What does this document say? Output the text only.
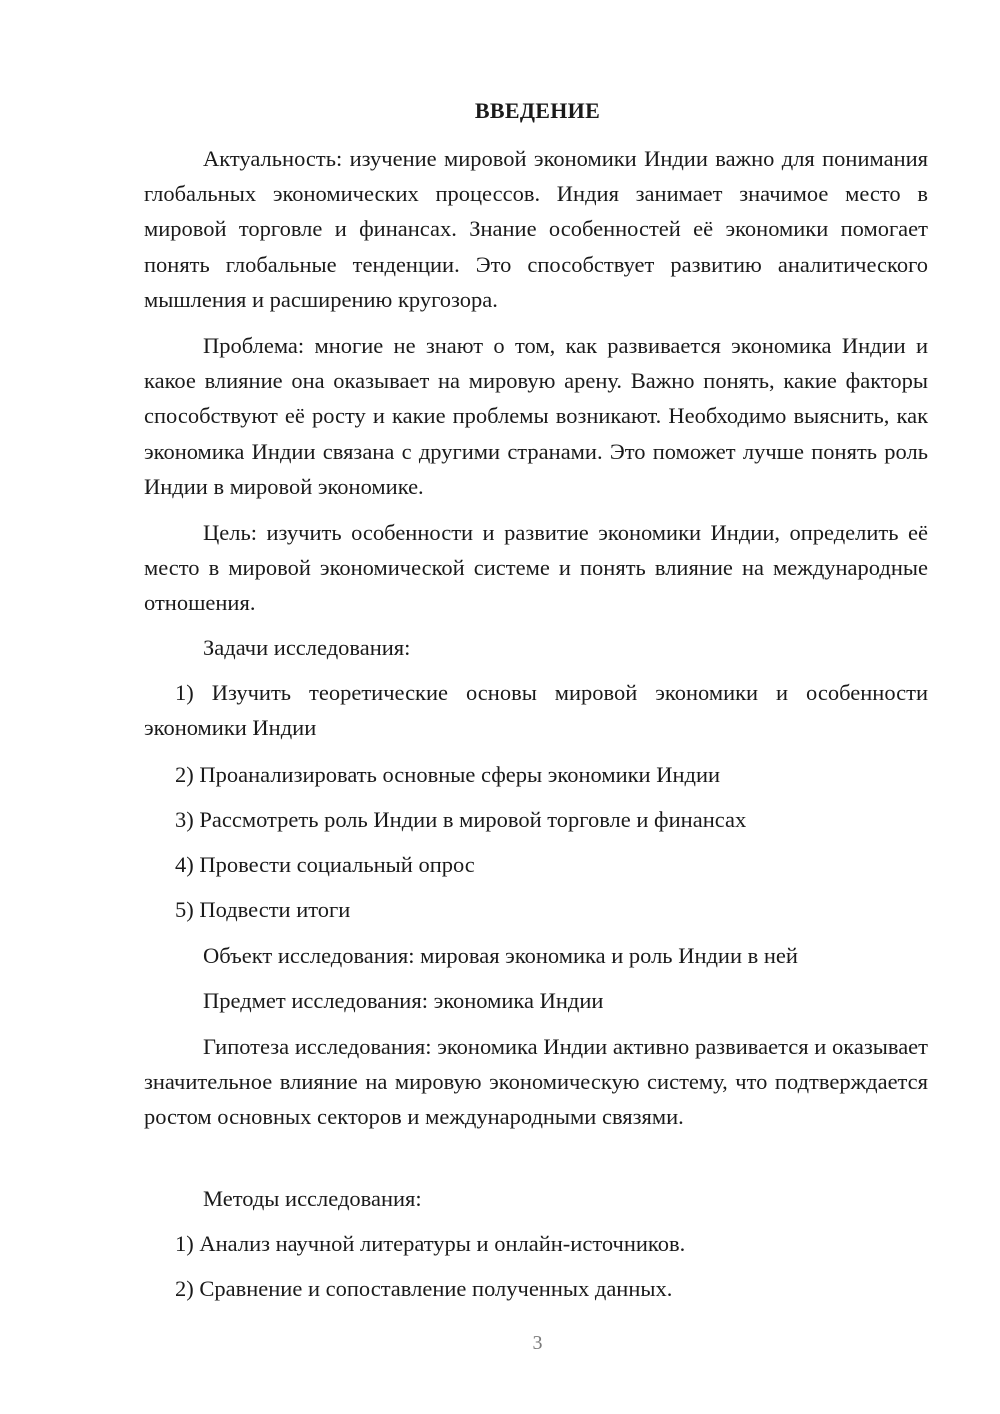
ВВЕДЕНИЕ

Актуальность: изучение мировой экономики Индии важно для понимания глобальных экономических процессов. Индия занимает значимое место в мировой торговле и финансах. Знание особенностей её экономики помогает понять глобальные тенденции. Это способствует развитию аналитического мышления и расширению кругозора.

Проблема: многие не знают о том, как развивается экономика Индии и какое влияние она оказывает на мировую арену. Важно понять, какие факторы способствуют её росту и какие проблемы возникают. Необходимо выяснить, как экономика Индии связана с другими странами. Это поможет лучше понять роль Индии в мировой экономике.

Цель: изучить особенности и развитие экономики Индии, определить её место в мировой экономической системе и понять влияние на международные отношения.

Задачи исследования:

1) Изучить теоретические основы мировой экономики и особенности экономики Индии

2) Проанализировать основные сферы экономики Индии

3) Рассмотреть роль Индии в мировой торговле и финансах

4) Провести социальный опрос

5) Подвести итоги

Объект исследования: мировая экономика и роль Индии в ней

Предмет исследования: экономика Индии

Гипотеза исследования: экономика Индии активно развивается и оказывает значительное влияние на мировую экономическую систему, что подтверждается ростом основных секторов и международными связями.

Методы исследования:

1) Анализ научной литературы и онлайн-источников.

2) Сравнение и сопоставление полученных данных.

3
